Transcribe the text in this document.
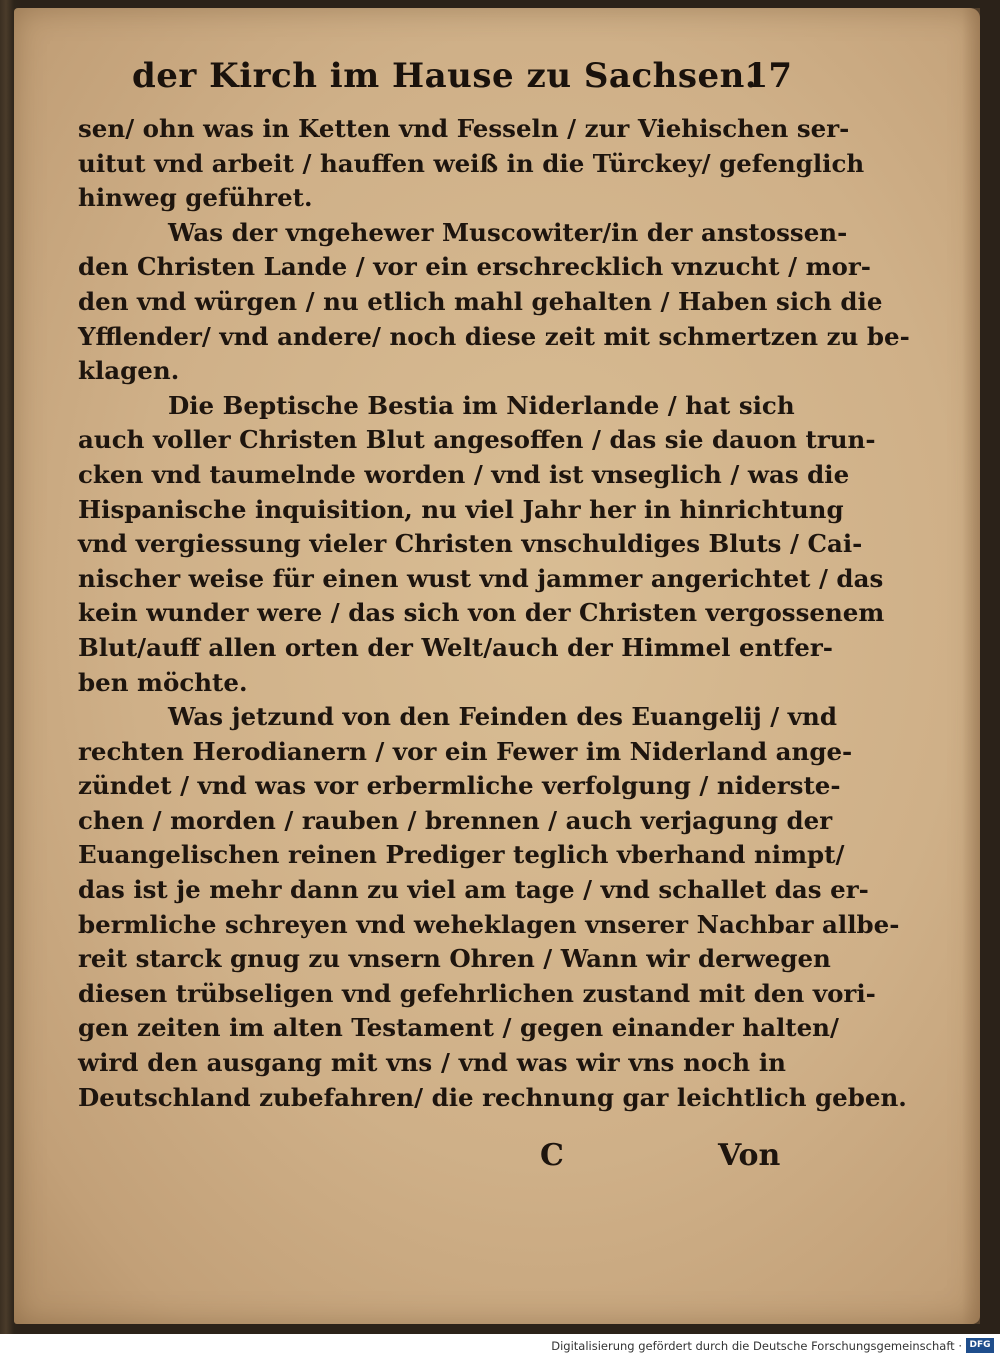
der Kirch im Hause zu Sachsen.
17
sen/ ohn was in Ketten vnd Fesseln / zur Viehischen ser-
uitut vnd arbeit / hauffen weiß in die Türckey/ gefenglich
hinweg geführet.
Was der vngehewer Muscowiter/in der anstossen-
den Christen Lande / vor ein erschrecklich vnzucht / mor-
den vnd würgen / nu etlich mahl gehalten / Haben sich die
Yfflender/ vnd andere/ noch diese zeit mit schmertzen zu be-
klagen.
Die Beptische Bestia im Niderlande / hat sich
auch voller Christen Blut angesoffen / das sie dauon trun-
cken vnd taumelnde worden / vnd ist vnseglich / was die
Hispanische inquisition, nu viel Jahr her in hinrichtung
vnd vergiessung vieler Christen vnschuldiges Bluts / Cai-
nischer weise für einen wust vnd jammer angerichtet / das
kein wunder were / das sich von der Christen vergossenem
Blut/auff allen orten der Welt/auch der Himmel entfer-
ben möchte.
Was jetzund von den Feinden des Euangelij / vnd
rechten Herodianern / vor ein Fewer im Niderland ange-
zündet / vnd was vor erbermliche verfolgung / niderste-
chen / morden / rauben / brennen / auch verjagung der
Euangelischen reinen Prediger teglich vberhand nimpt/
das ist je mehr dann zu viel am tage / vnd schallet das er-
bermliche schreyen vnd weheklagen vnserer Nachbar allbe-
reit starck gnug zu vnsern Ohren / Wann wir derwegen
diesen trübseligen vnd gefehrlichen zustand mit den vori-
gen zeiten im alten Testament / gegen einander halten/
wird den ausgang mit vns / vnd was wir vns noch in
Deutschland zubefahren/ die rechnung gar leichtlich geben.
C	Von
Digitalisierung gefördert durch die Deutsche Forschungsgemeinschaft · DFG
